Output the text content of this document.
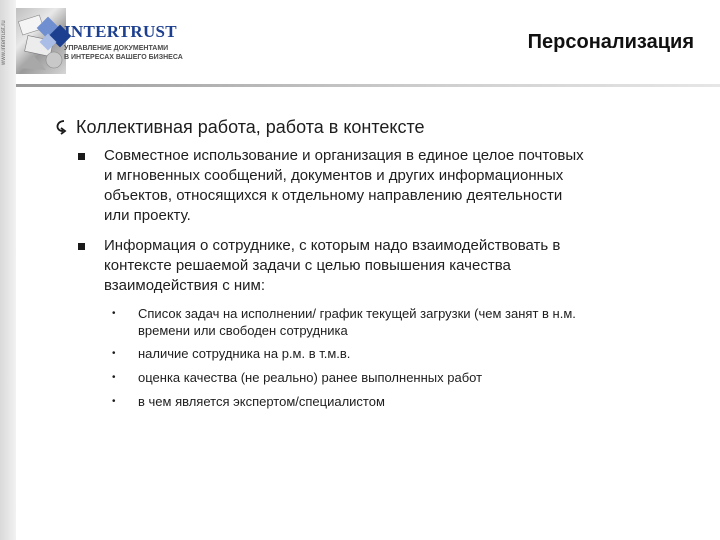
www.intertrust.ru	INTERTRUST
УПРАВЛЕНИЕ ДОКУМЕНТАМИ
В ИНТЕРЕСАХ ВАШЕГО БИЗНЕСА
Персонализация
Коллективная работа, работа в контексте
Совместное использование и организация в единое целое почтовых
и мгновенных сообщений, документов и других информационных
объектов, относящихся к отдельному направлению деятельности
или проекту.
Информация о сотруднике, с которым надо взаимодействовать в
контексте решаемой задачи с целью повышения качества
взаимодействия с ним:
• Список задач на исполнении/ график текущей загрузки (чем занят в н.м.
времени или свободен сотрудника
• наличие сотрудника на р.м. в т.м.в.
• оценка качества (не реально) ранее выполненных работ
• в чем является экспертом/специалистом
